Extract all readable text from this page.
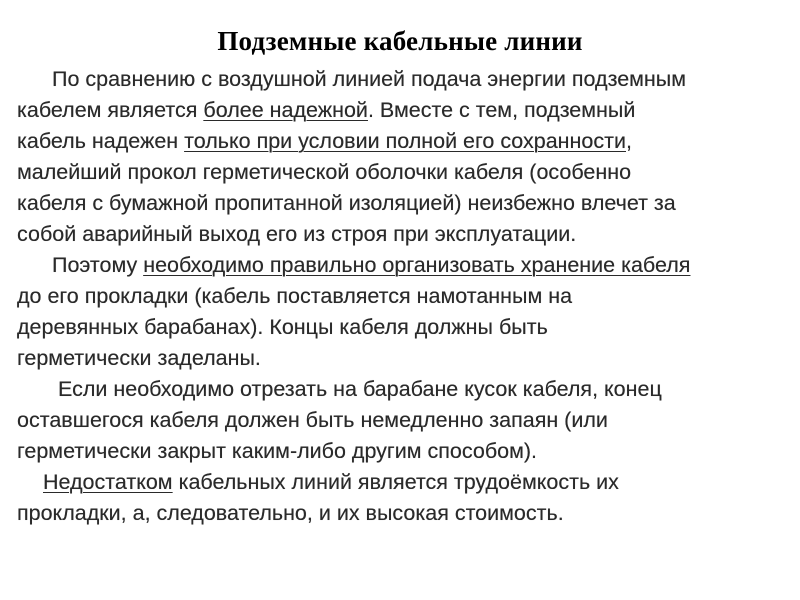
Подземные кабельные линии
По сравнению с воздушной линией подача энергии подземным
кабелем является более надежной. Вместе с тем, подземный
кабель надежен только при условии полной его сохранности,
малейший прокол герметической оболочки кабеля (особенно
кабеля с бумажной пропитанной изоляцией) неизбежно влечет за
собой аварийный выход его из строя при эксплуатации.
Поэтому необходимо правильно организовать хранение кабеля
до его прокладки (кабель поставляется намотанным на
деревянных барабанах). Концы кабеля должны быть
герметически заделаны.
Если необходимо отрезать на барабане кусок кабеля, конец
оставшегося кабеля должен быть немедленно запаян (или
герметически закрыт каким-либо другим способом).
Недостатком кабельных линий является трудоёмкость их
прокладки, а, следовательно, и их высокая стоимость.
